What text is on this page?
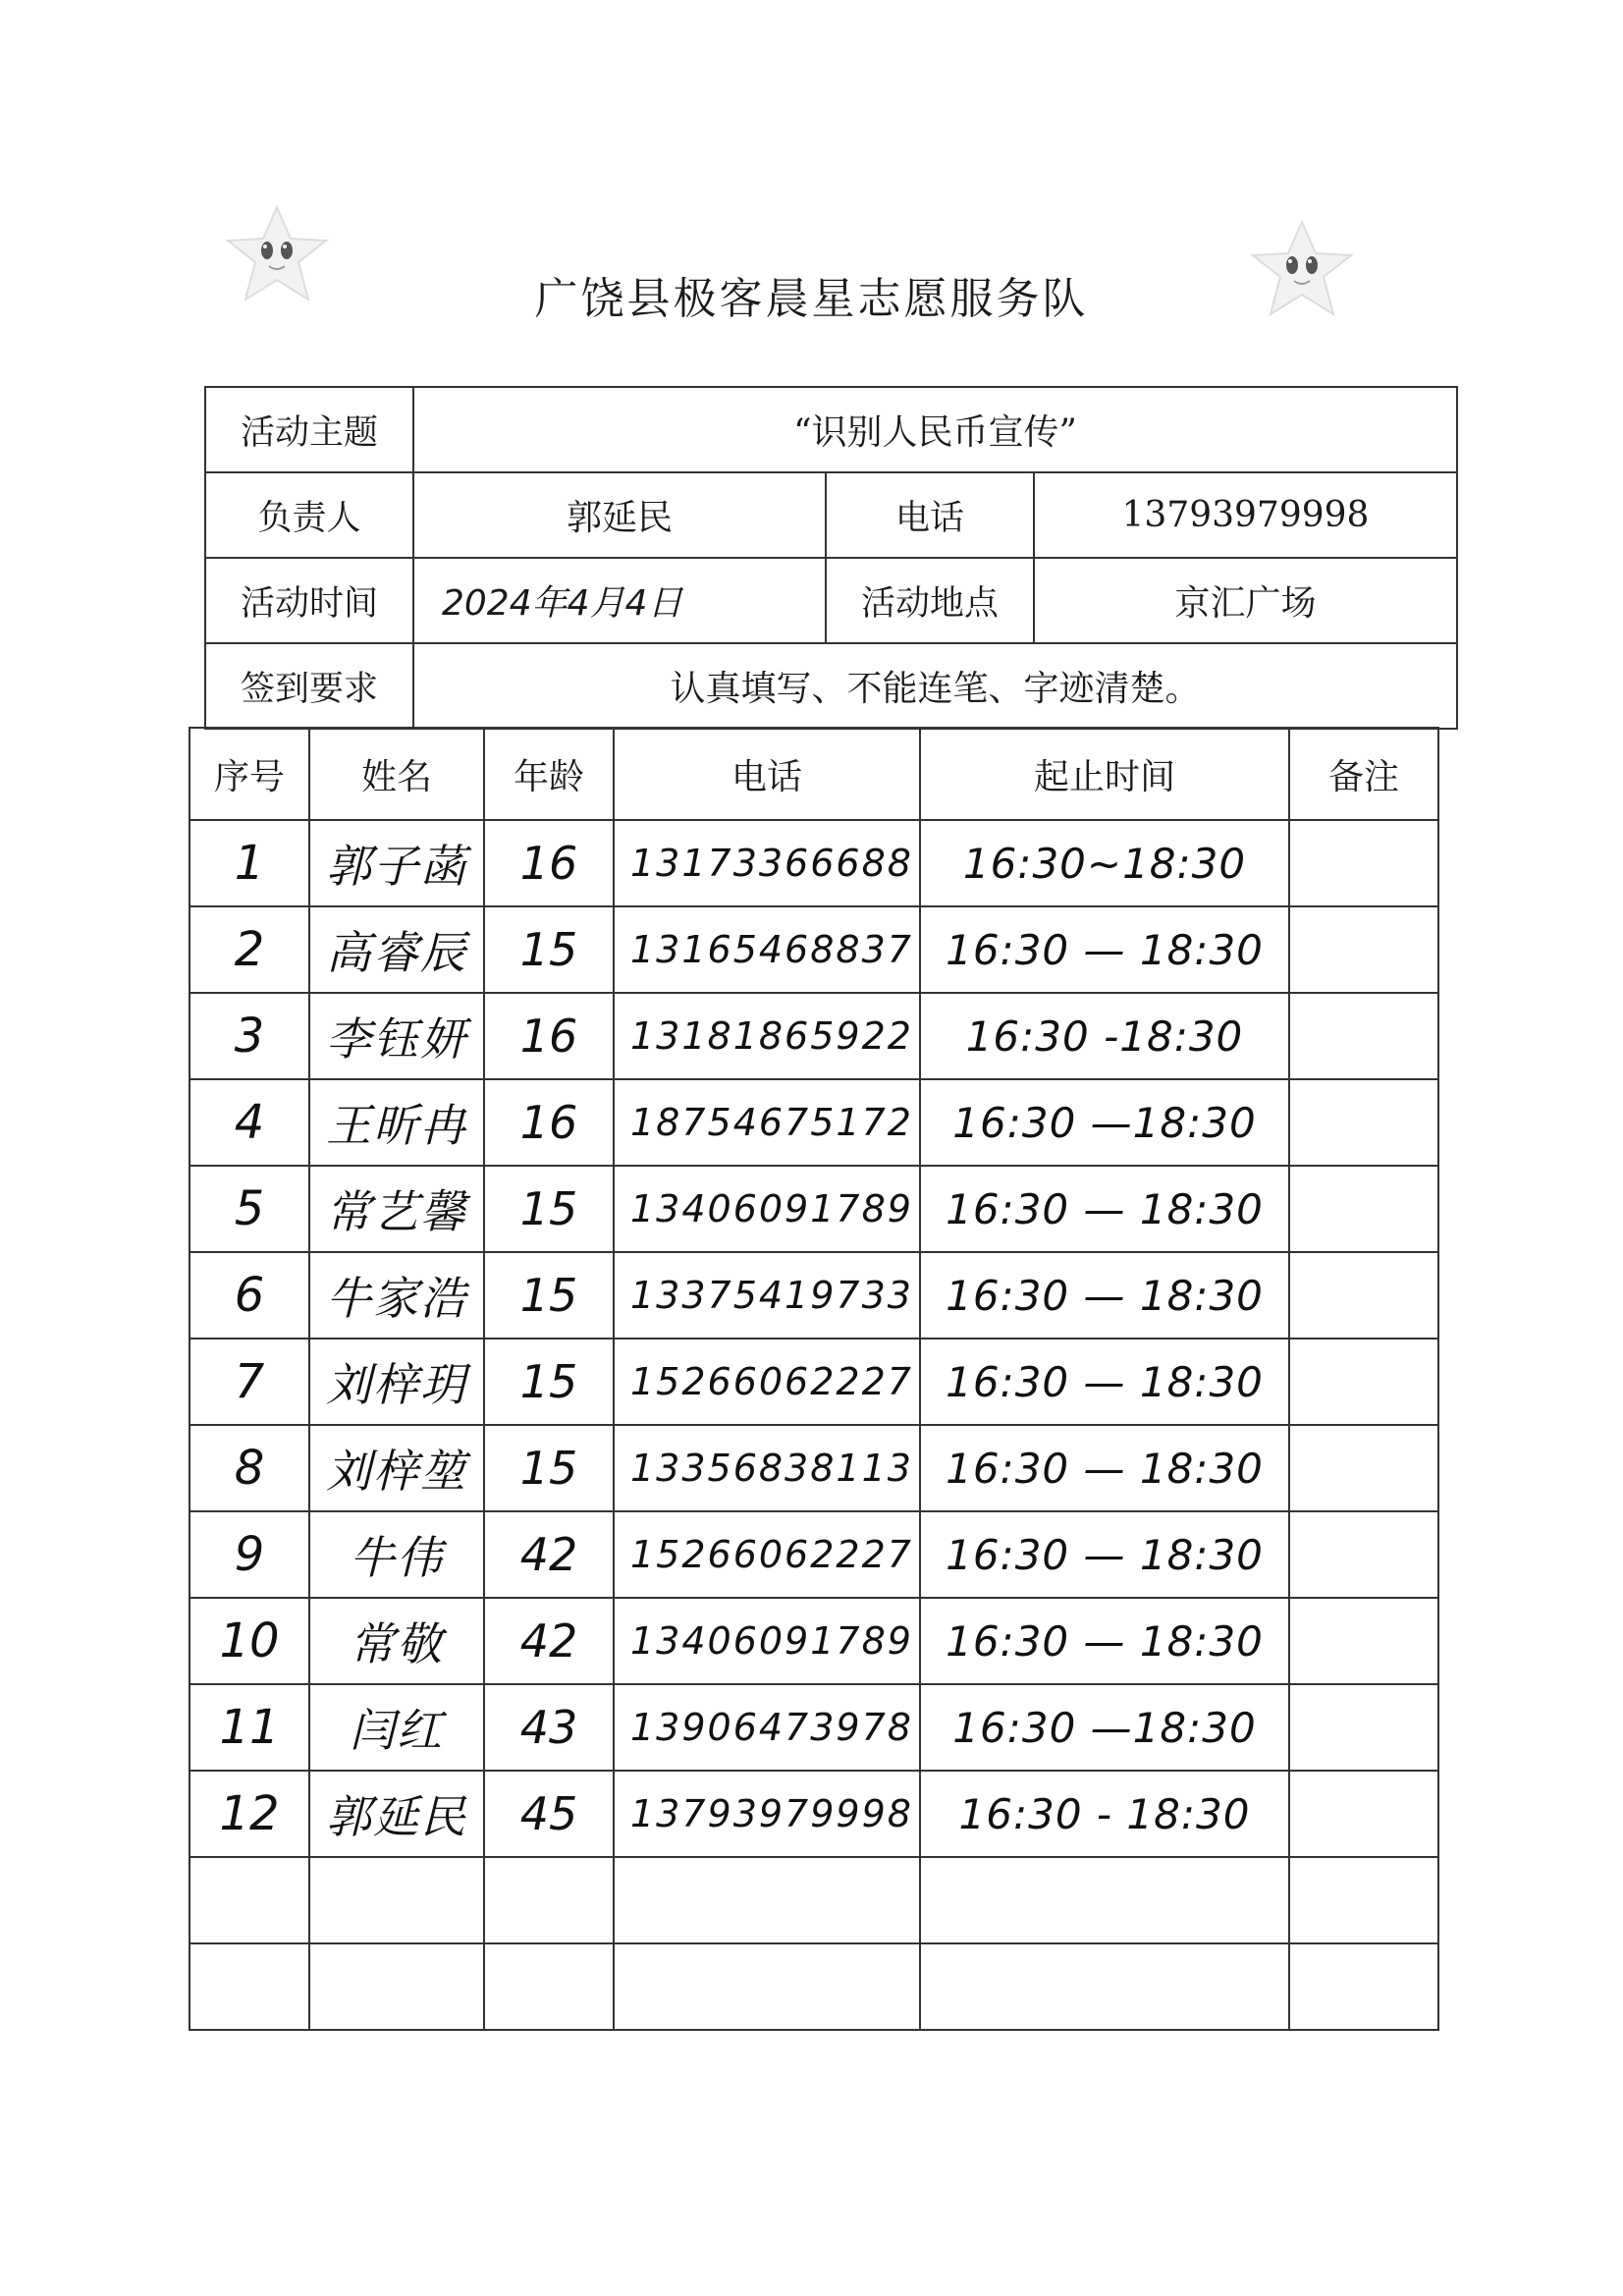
广饶县极客晨星志愿服务队
活动主题	“识别人民币宣传”		
负责人	郭延民	电话	13793979998
活动时间	2024年4月4日	活动地点	京汇广场
签到要求	认真填写、不能连笔、字迹清楚。		
序号	姓名	年龄	电话	起止时间	备注
1	郭子菡	16	13173366688	16:30~18:30	
2	高睿辰	15	13165468837	16:30 — 18:30	
3	李钰妍	16	13181865922	16:30 -18:30	
4	王昕冉	16	18754675172	16:30 —18:30	
5	常艺馨	15	13406091789	16:30 — 18:30	
6	牛家浩	15	13375419733	16:30 — 18:30	
7	刘梓玥	15	15266062227	16:30 — 18:30	
8	刘梓堃	15	13356838113	16:30 — 18:30	
9	牛伟	42	15266062227	16:30 — 18:30	
10	常敬	42	13406091789	16:30 — 18:30	
11	闫红	43	13906473978	16:30 —18:30	
12	郭延民	45	13793979998	16:30 - 18:30	
